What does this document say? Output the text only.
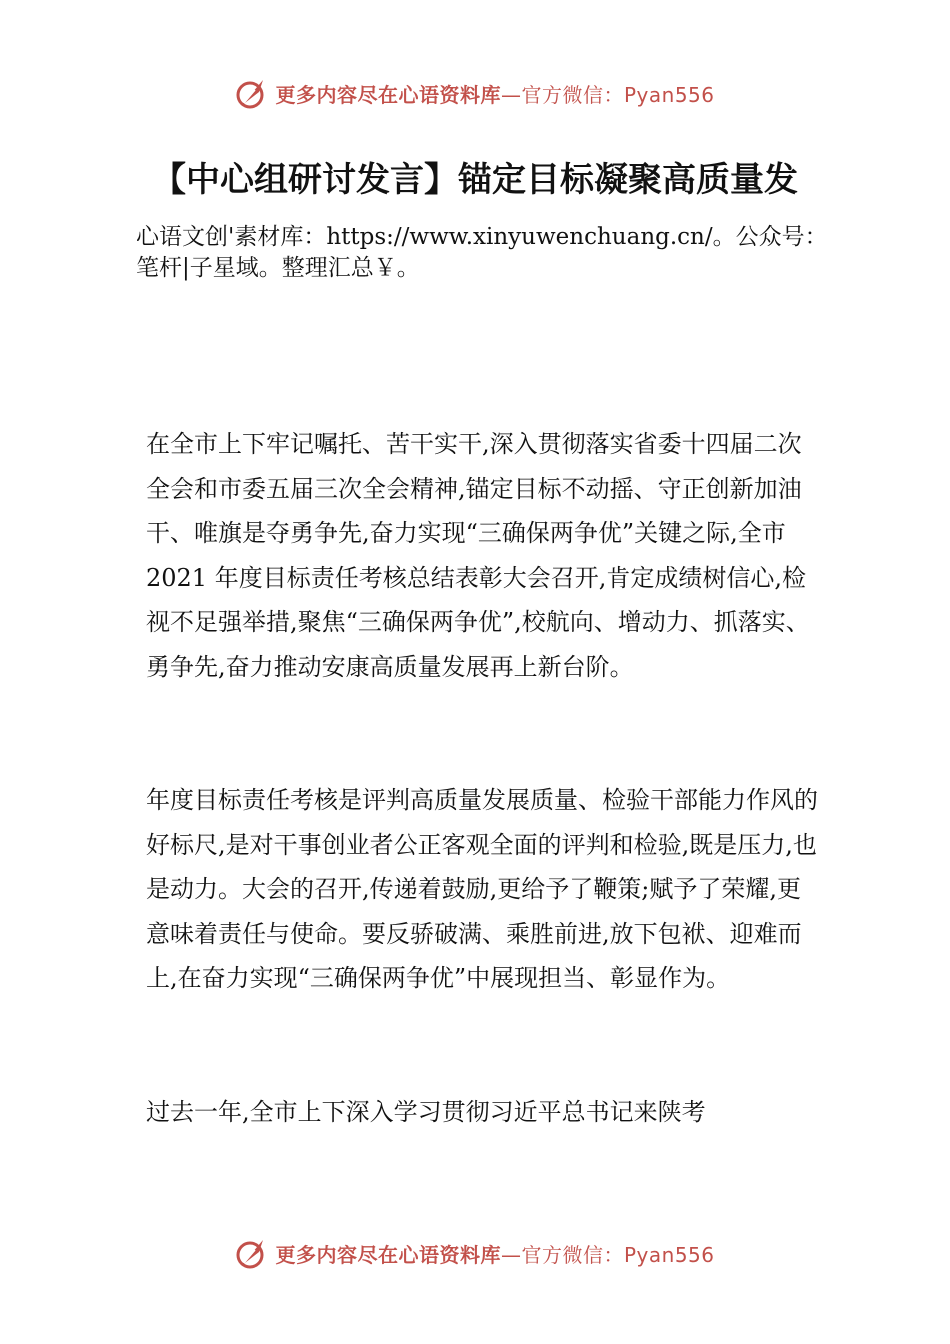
更多内容尽在心语资料库—官方微信：Pyan556
【中心组研讨发言】锚定目标凝聚高质量发
心语文创'素材库：https://www.xinyuwenchuang.cn/。公众号：笔杆|子星域。整理汇总￥。

在全市上下牢记嘱托、苦干实干,深入贯彻落实省委十四届二次全会和市委五届三次全会精神,锚定目标不动摇、守正创新加油干、唯旗是夺勇争先,奋力实现“三确保两争优”关键之际,全市 2021 年度目标责任考核总结表彰大会召开,肯定成绩树信心,检视不足强举措,聚焦“三确保两争优”,校航向、增动力、抓落实、勇争先,奋力推动安康高质量发展再上新台阶。

年度目标责任考核是评判高质量发展质量、检验干部能力作风的好标尺,是对干事创业者公正客观全面的评判和检验,既是压力,也是动力。大会的召开,传递着鼓励,更给予了鞭策;赋予了荣耀,更意味着责任与使命。要反骄破满、乘胜前进,放下包袱、迎难而上,在奋力实现“三确保两争优”中展现担当、彰显作为。

过去一年,全市上下深入学习贯彻习近平总书记来陕考

更多内容尽在心语资料库—官方微信：Pyan556
